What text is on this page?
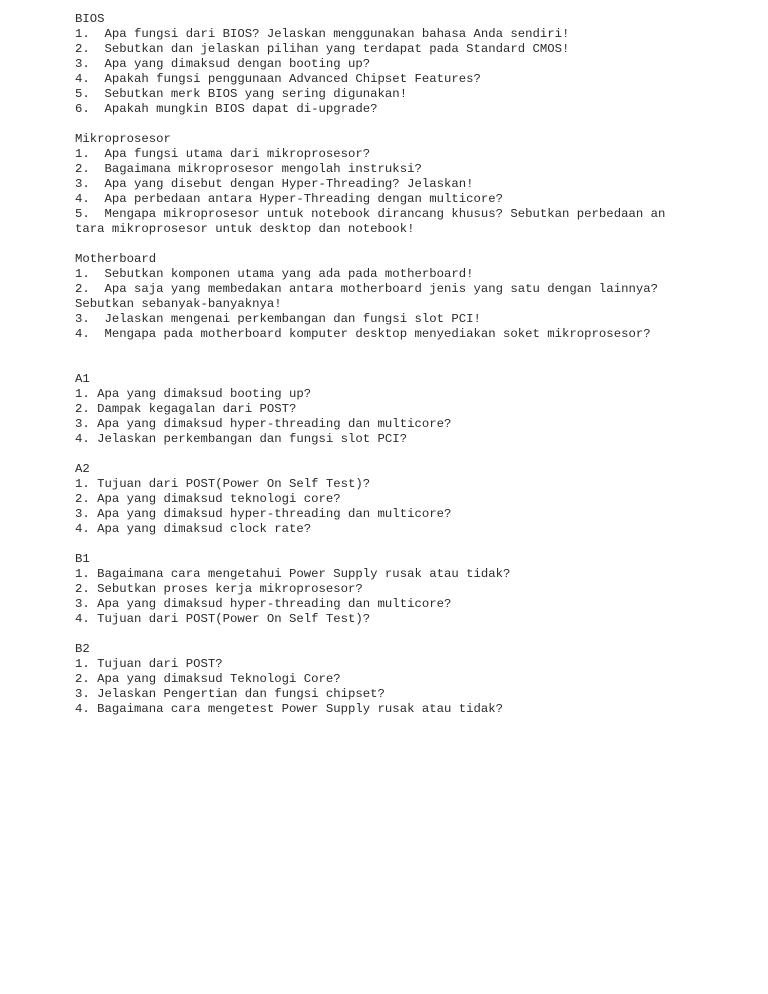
BIOS
1.  Apa fungsi dari BIOS? Jelaskan menggunakan bahasa Anda sendiri!
2.  Sebutkan dan jelaskan pilihan yang terdapat pada Standard CMOS!
3.  Apa yang dimaksud dengan booting up?
4.  Apakah fungsi penggunaan Advanced Chipset Features?
5.  Sebutkan merk BIOS yang sering digunakan!
6.  Apakah mungkin BIOS dapat di-upgrade?
Mikroprosesor
1.  Apa fungsi utama dari mikroprosesor?
2.  Bagaimana mikroprosesor mengolah instruksi?
3.  Apa yang disebut dengan Hyper-Threading? Jelaskan!
4.  Apa perbedaan antara Hyper-Threading dengan multicore?
5.  Mengapa mikroprosesor untuk notebook dirancang khusus? Sebutkan perbedaan an
tara mikroprosesor untuk desktop dan notebook!
Motherboard
1.  Sebutkan komponen utama yang ada pada motherboard!
2.  Apa saja yang membedakan antara motherboard jenis yang satu dengan lainnya?
Sebutkan sebanyak-banyaknya!
3.  Jelaskan mengenai perkembangan dan fungsi slot PCI!
4.  Mengapa pada motherboard komputer desktop menyediakan soket mikroprosesor?
A1
1. Apa yang dimaksud booting up?
2. Dampak kegagalan dari POST?
3. Apa yang dimaksud hyper-threading dan multicore?
4. Jelaskan perkembangan dan fungsi slot PCI?
A2
1. Tujuan dari POST(Power On Self Test)?
2. Apa yang dimaksud teknologi core?
3. Apa yang dimaksud hyper-threading dan multicore?
4. Apa yang dimaksud clock rate?
B1
1. Bagaimana cara mengetahui Power Supply rusak atau tidak?
2. Sebutkan proses kerja mikroprosesor?
3. Apa yang dimaksud hyper-threading dan multicore?
4. Tujuan dari POST(Power On Self Test)?
B2
1. Tujuan dari POST?
2. Apa yang dimaksud Teknologi Core?
3. Jelaskan Pengertian dan fungsi chipset?
4. Bagaimana cara mengetest Power Supply rusak atau tidak?
